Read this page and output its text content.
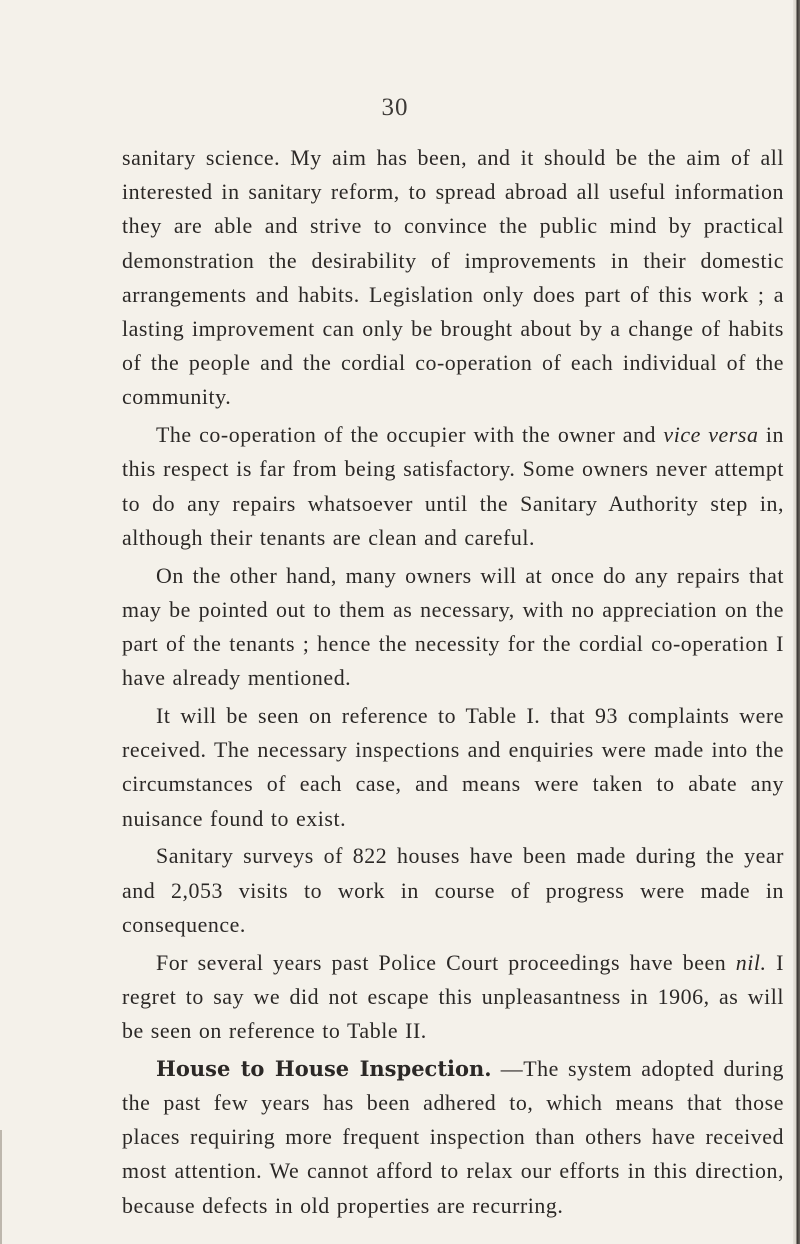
30

sanitary science. My aim has been, and it should be the aim of all interested in sanitary reform, to spread abroad all useful information they are able and strive to convince the public mind by practical demonstration the desirability of improvements in their domestic arrangements and habits. Legislation only does part of this work ; a lasting improvement can only be brought about by a change of habits of the people and the cordial co-operation of each individual of the community.

The co-operation of the occupier with the owner and vice versa in this respect is far from being satisfactory. Some owners never attempt to do any repairs whatsoever until the Sanitary Authority step in, although their tenants are clean and careful.

On the other hand, many owners will at once do any repairs that may be pointed out to them as necessary, with no appreciation on the part of the tenants ; hence the necessity for the cordial co-operation I have already mentioned.

It will be seen on reference to Table I. that 93 complaints were received. The necessary inspections and enquiries were made into the circumstances of each case, and means were taken to abate any nuisance found to exist.

Sanitary surveys of 822 houses have been made during the year and 2,053 visits to work in course of progress were made in consequence.

For several years past Police Court proceedings have been nil. I regret to say we did not escape this unpleasantness in 1906, as will be seen on reference to Table II.

House to House Inspection. —The system adopted during the past few years has been adhered to, which means that those places requiring more frequent inspection than others have received most attention. We cannot afford to relax our efforts in this direction, because defects in old properties are recurring.
